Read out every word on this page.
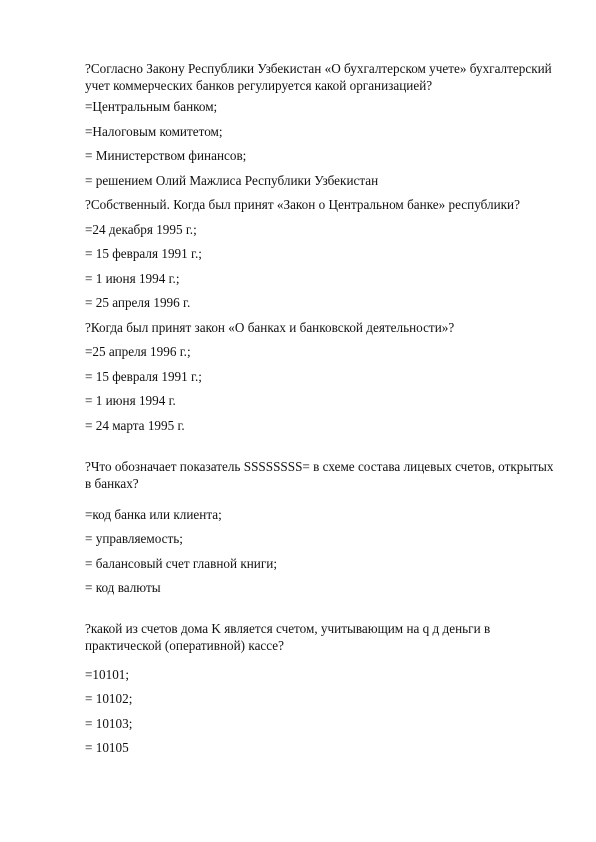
?Согласно Закону Республики Узбекистан «О бухгалтерском учете» бухгалтерский учет коммерческих банков регулируется какой организацией?
=Центральным банком;
=Налоговым комитетом;
= Министерством финансов;
= решением Олий Мажлиса Республики Узбекистан
?Собственный. Когда был принят «Закон о Центральном банке» республики?
=24 декабря 1995 г.;
= 15 февраля 1991 г.;
= 1 июня 1994 г.;
= 25 апреля 1996 г.
?Когда был принят закон «О банках и банковской деятельности»?
=25 апреля 1996 г.;
= 15 февраля 1991 г.;
= 1 июня 1994 г.
= 24 марта 1995 г.
?Что обозначает показатель SSSSSSSS= в схеме состава лицевых счетов, открытых в банках?
=код банка или клиента;
= управляемость;
= балансовый счет главной книги;
= код валюты
?какой из счетов дома K является счетом, учитывающим на q д деньги в практической (оперативной) кассе?
=10101;
= 10102;
= 10103;
= 10105
